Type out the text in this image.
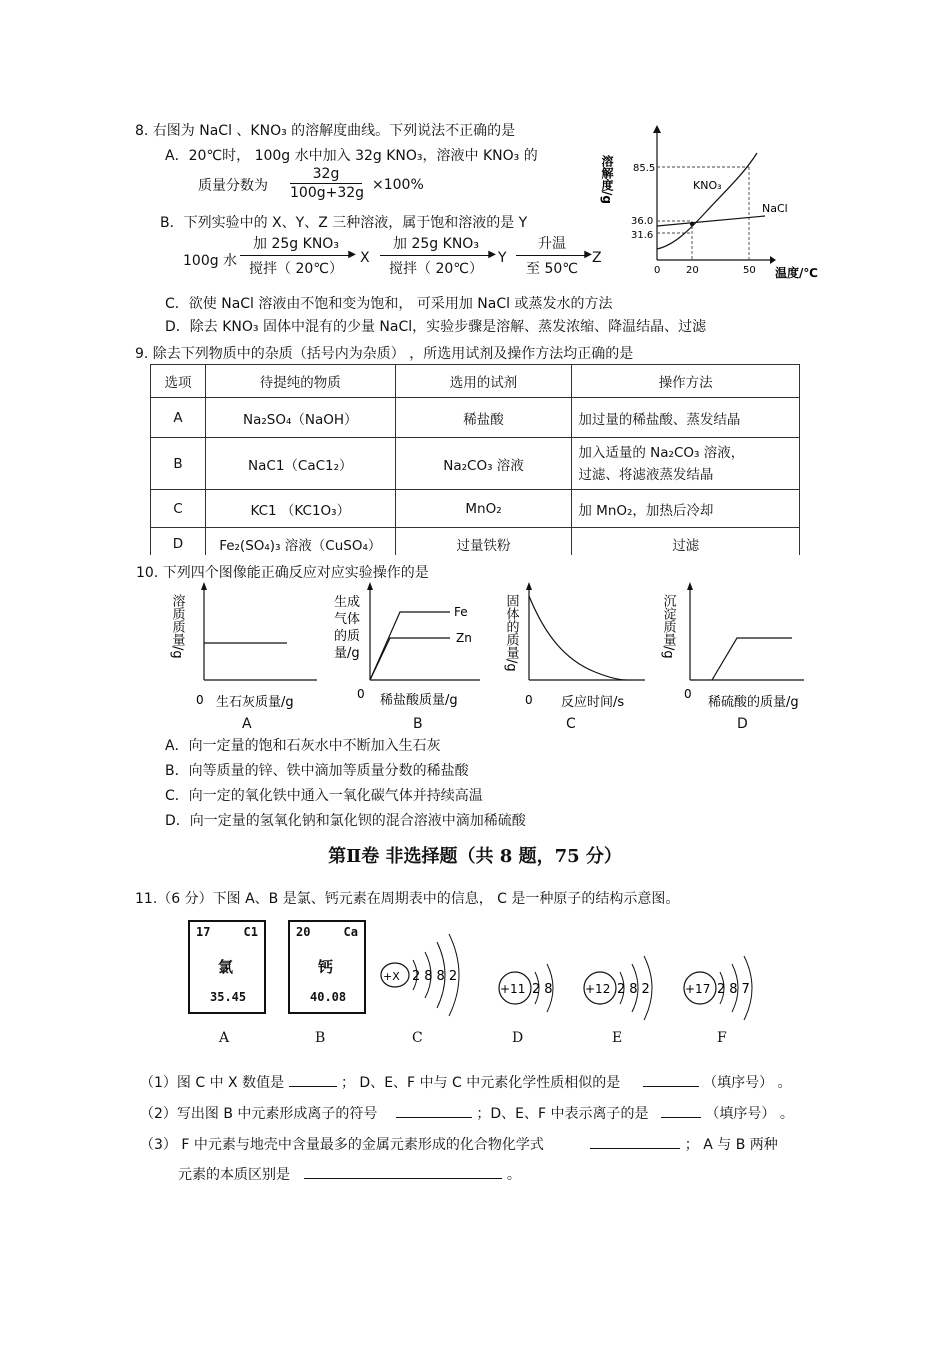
8. 右图为 NaCl 、KNO₃ 的溶解度曲线。下列说法不正确的是
A．20℃时， 100g 水中加入 32g KNO₃，溶液中 KNO₃ 的
质量分数为 $\frac{32g}{100g+32g} \times 100\%$
B．下列实验中的 X、Y、Z 三种溶液，属于饱和溶液的是 Y
100g 水
加 25g KNO₃
▶
搅拌（ 20℃）
X
加 25g KNO₃
▶
搅拌（ 20℃）
Y
升温
▶
至 50℃
Z
C．欲使 NaCl 溶液由不饱和变为饱和， 可采用加 NaCl 或蒸发水的方法
D．除去 KNO₃ 固体中混有的少量 NaCl，实验步骤是溶解、蒸发浓缩、降温结晶、过滤
溶解度/g 85.5
36.0
31.6
0	20	50
KNO₃
NaCl
温度/℃
9. 除去下列物质中的杂质（括号内为杂质） ，所选用试剂及操作方法均正确的是
选项	待提纯的物质	选用的试剂	操作方法
A	Na₂SO₄（NaOH）	稀盐酸	加过量的稀盐酸、蒸发结晶
B	NaC1（CaC1₂）	Na₂CO₃ 溶液	加入适量的 Na₂CO₃ 溶液，
过滤、将滤液蒸发结晶
C	KC1 （KC1O₃）	MnO₂	加 MnO₂，加热后冷却
D	Fe₂(SO₄)₃ 溶液（CuSO₄）	过量铁粉	过滤
10. 下列四个图像能正确反应对应实验操作的是
溶质质量/g
0 生石灰质量/g
A
生成气体的质量/g
Fe
Zn
0 稀盐酸质量/g
B
固体的质量/g
0 反应时间/s
C
沉淀质量/g
0
稀硫酸的质量/g
D
A．向一定量的饱和石灰水中不断加入生石灰
B．向等质量的锌、铁中滴加等质量分数的稀盐酸
C．向一定的氧化铁中通入一氧化碳气体并持续高温
D．向一定量的氢氧化钠和氯化钡的混合溶液中滴加稀硫酸
第Ⅱ卷 非选择题（共 8 题，75 分）
11.（6 分）下图 A、B 是氯、钙元素在周期表中的信息， C 是一种原子的结构示意图。
17	C1
氯
35.45
A
20	Ca
钙
40.08
B
+X 2882
+11 28 +12 282	+17 287
C	D	E	F
（1）图 C 中 X 数值是	； D、E、F 中与 C 中元素化学性质相似的是	（填序号） 。
（2）写出图 B 中元素形成离子的符号	；D、E、F 中表示离子的是	（填序号） 。
（3） F 中元素与地壳中含量最多的金属元素形成的化合物化学式	； A 与 B 两种
元素的本质区别是	。
